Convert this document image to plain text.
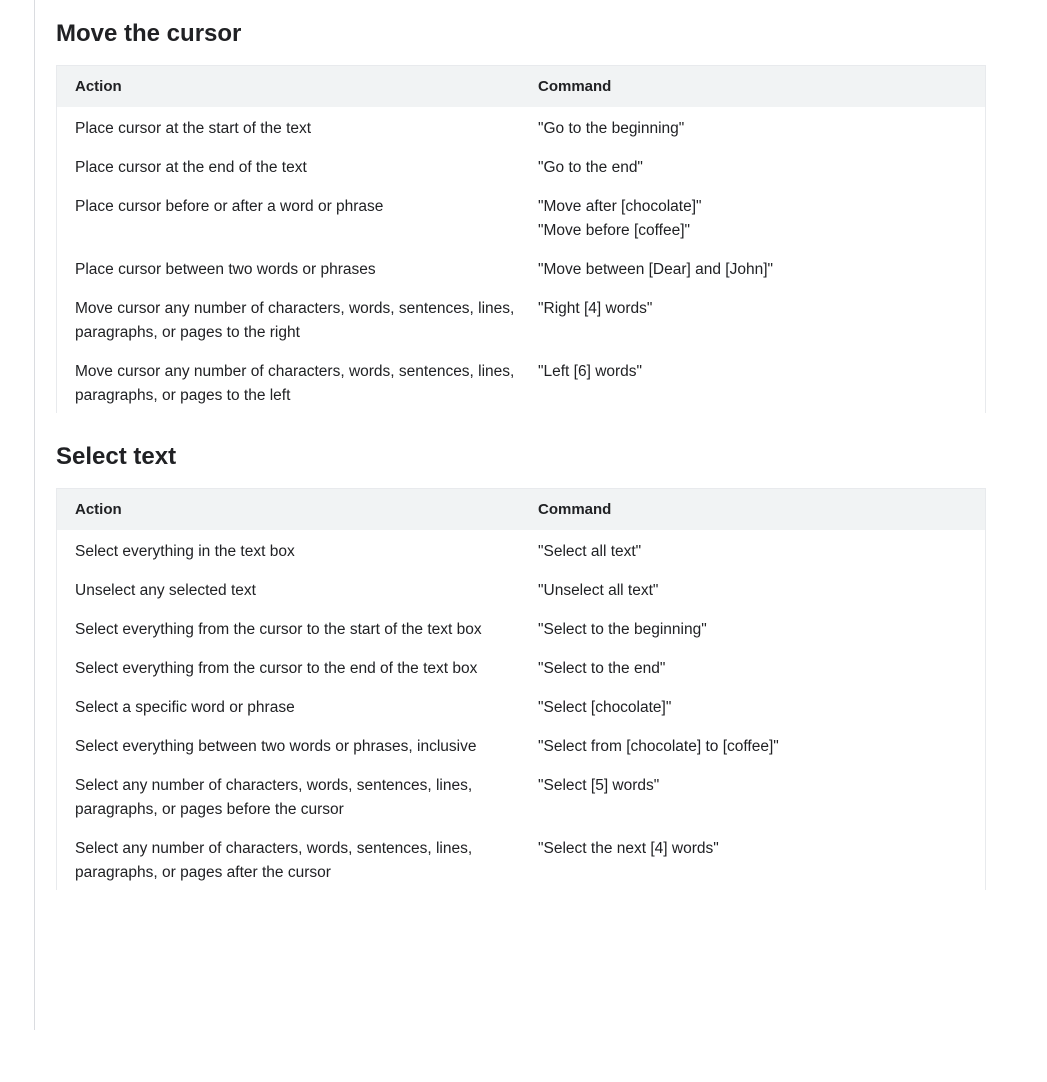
Move the cursor
Action	Command
Place cursor at the start of the text	"Go to the beginning"
Place cursor at the end of the text	"Go to the end"
Place cursor before or after a word or phrase	"Move after [chocolate]"
"Move before [coffee]"
Place cursor between two words or phrases	"Move between [Dear] and [John]"
Move cursor any number of characters, words, sentences, lines, paragraphs, or pages to the right	"Right [4] words"
Move cursor any number of characters, words, sentences, lines, paragraphs, or pages to the left	"Left [6] words"
Select text
Action	Command
Select everything in the text box	"Select all text"
Unselect any selected text	"Unselect all text"
Select everything from the cursor to the start of the text box	"Select to the beginning"
Select everything from the cursor to the end of the text box	"Select to the end"
Select a specific word or phrase	"Select [chocolate]"
Select everything between two words or phrases, inclusive	"Select from [chocolate] to [coffee]"
Select any number of characters, words, sentences, lines, paragraphs, or pages before the cursor	"Select [5] words"
Select any number of characters, words, sentences, lines, paragraphs, or pages after the cursor	"Select the next [4] words"
